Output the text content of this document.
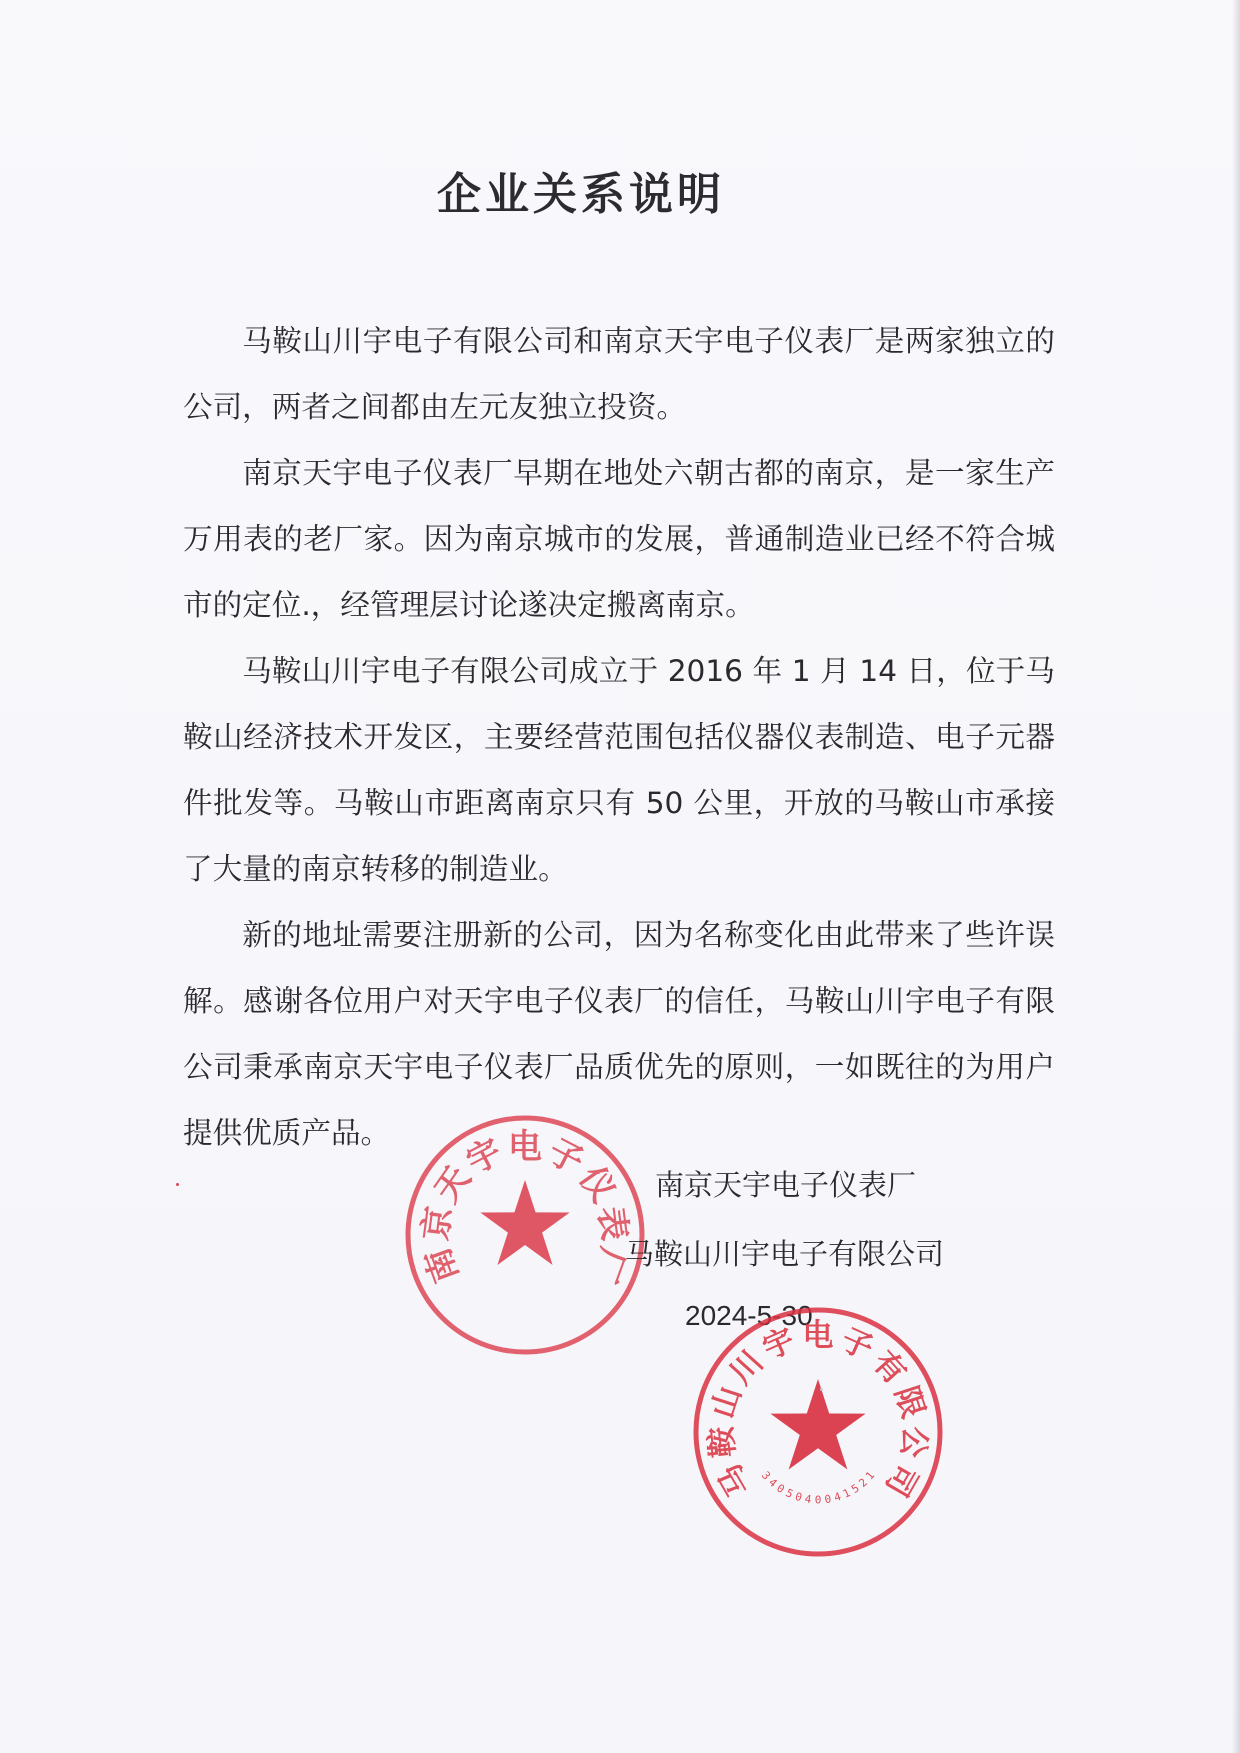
企业关系说明

马鞍山川宇电子有限公司和南京天宇电子仪表厂是两家独立的公司，两者之间都由左元友独立投资。

南京天宇电子仪表厂早期在地处六朝古都的南京，是一家生产万用表的老厂家。因为南京城市的发展，普通制造业已经不符合城市的定位.，经管理层讨论遂决定搬离南京。

马鞍山川宇电子有限公司成立于 2016 年 1 月 14 日，位于马鞍山经济技术开发区，主要经营范围包括仪器仪表制造、电子元器件批发等。马鞍山市距离南京只有 50 公里，开放的马鞍山市承接了大量的南京转移的制造业。

新的地址需要注册新的公司，因为名称变化由此带来了些许误解。感谢各位用户对天宇电子仪表厂的信任，马鞍山川宇电子有限公司秉承南京天宇电子仪表厂品质优先的原则，一如既往的为用户提供优质产品。

南
京
天
宇 电 子
仪
表
厂
南京天宇电子仪表厂
马鞍山川宇电子有限公司
2024-5-30
马
鞍
山
川
宇 电 子
有
限
公
司
3
4
0
5
0 4 0 0 4
1
5
2
1
